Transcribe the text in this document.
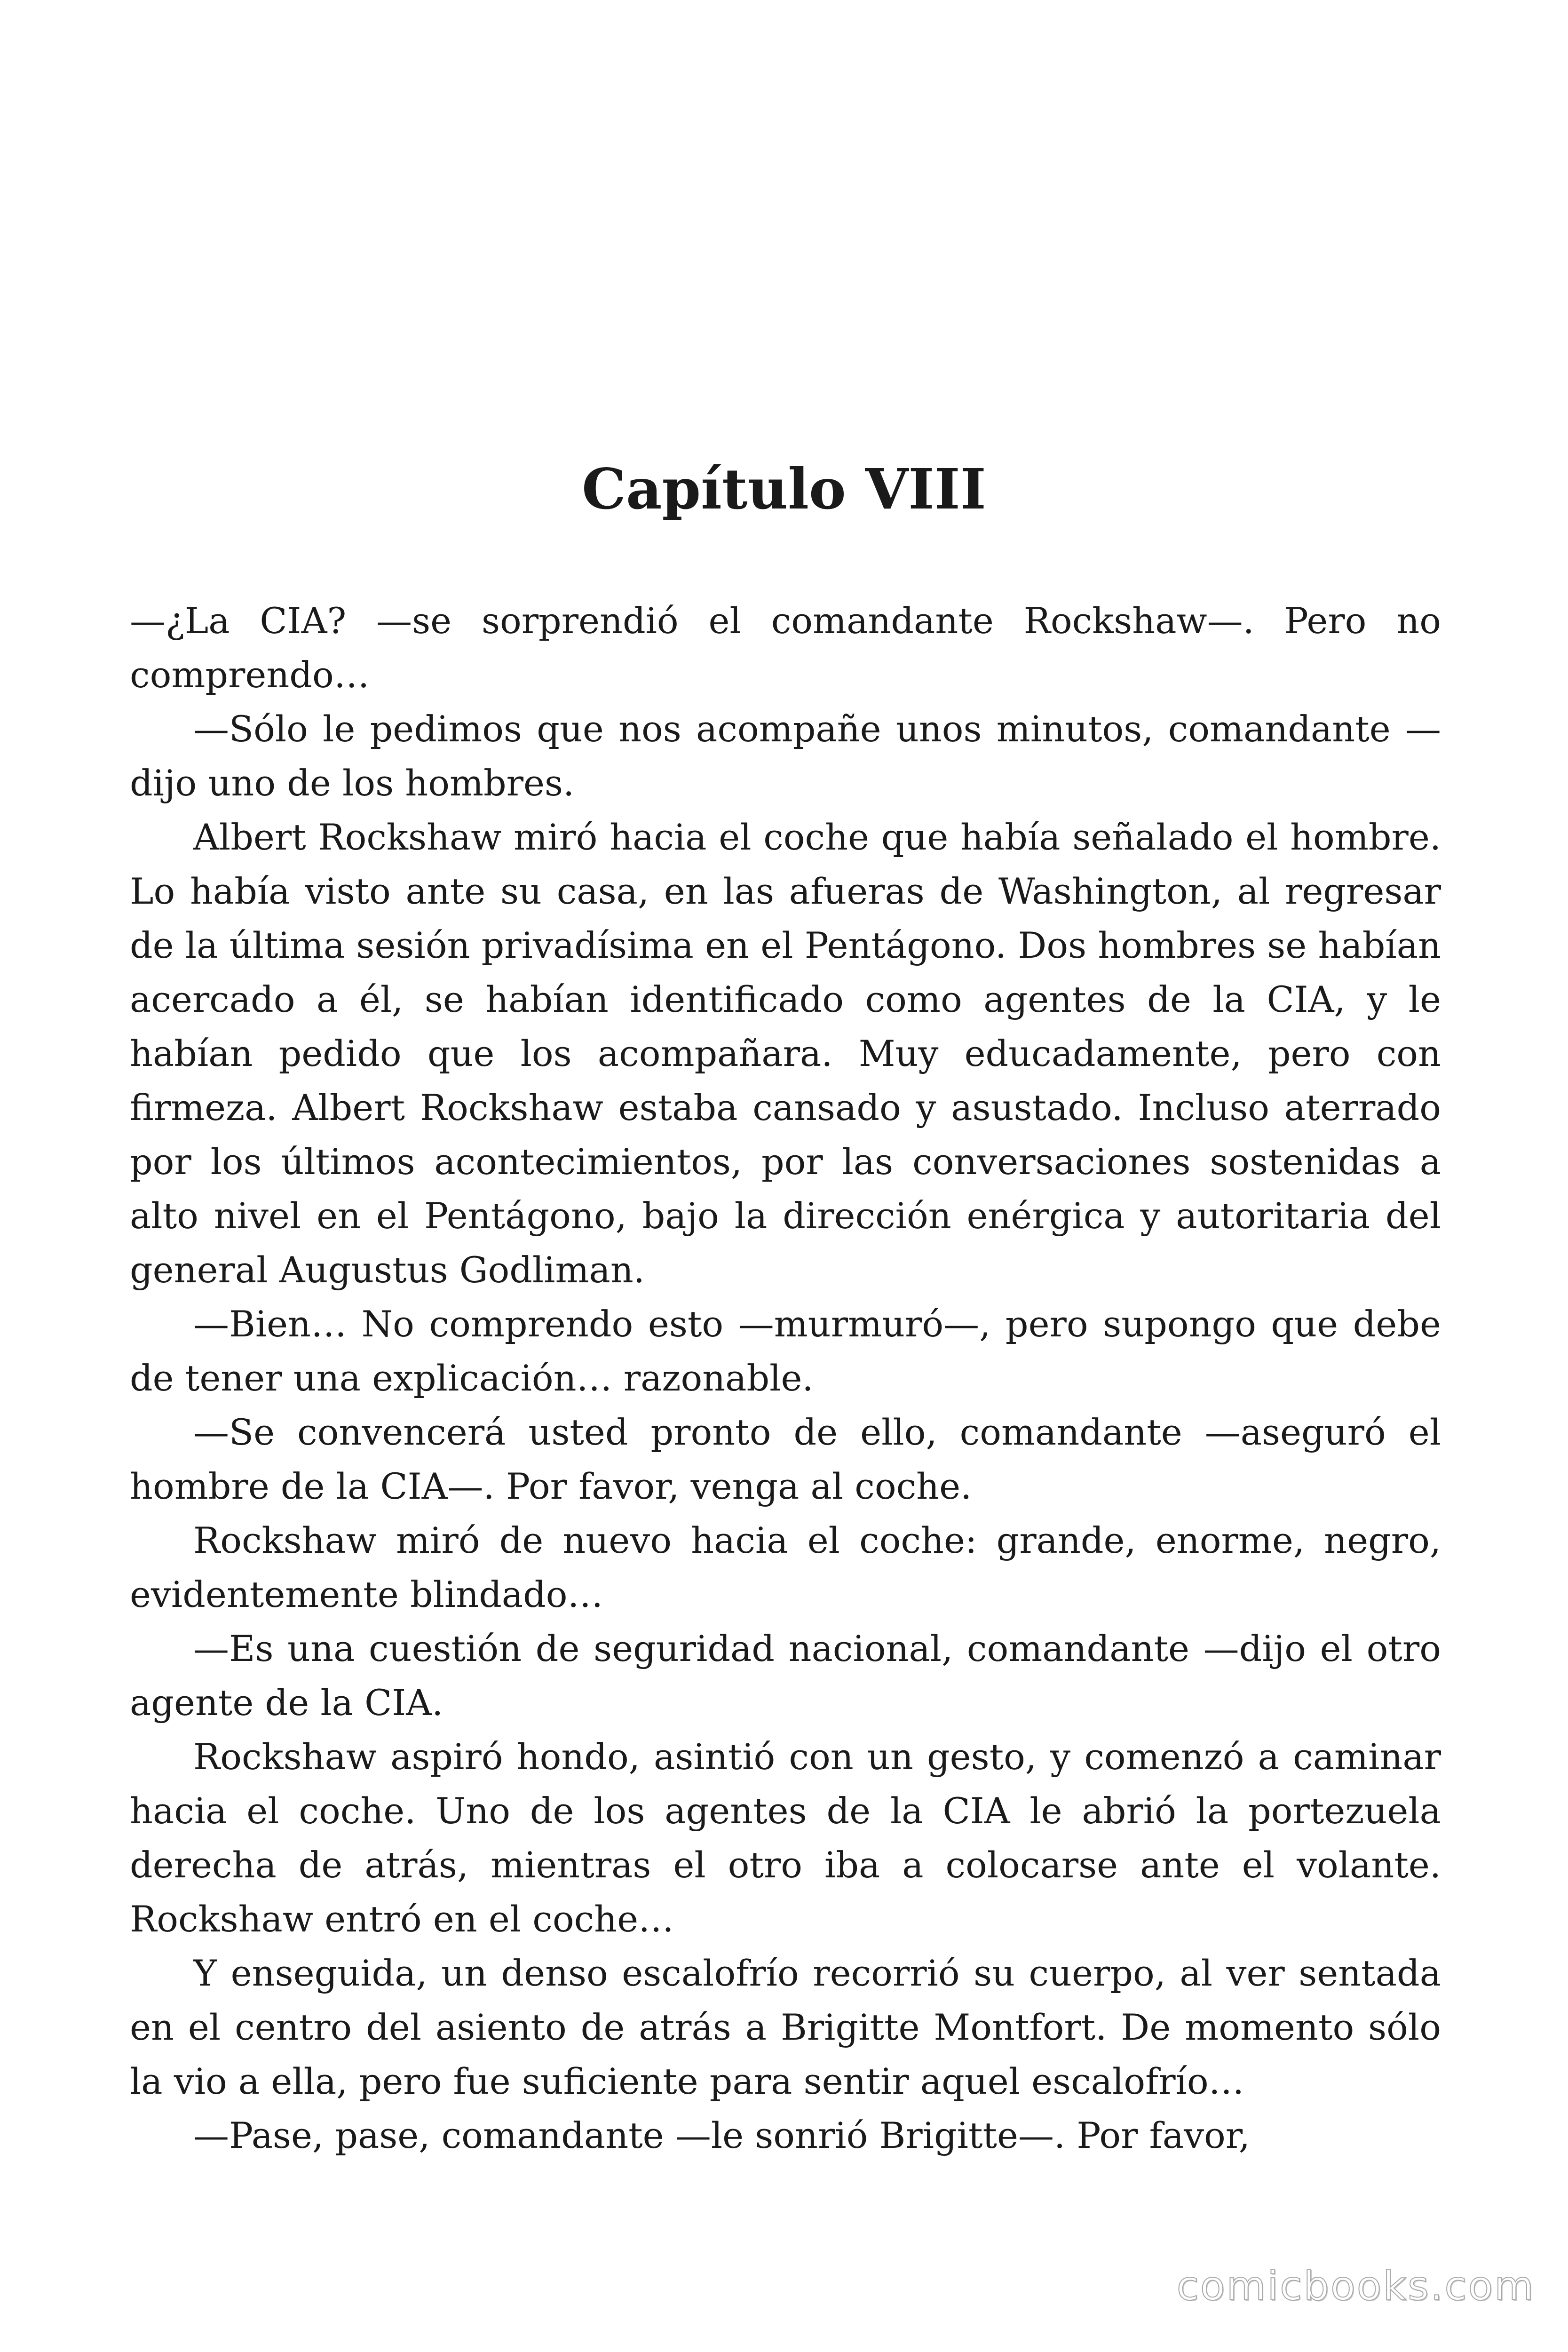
Capítulo VIII

—¿La CIA? —se sorprendió el comandante Rockshaw—. Pero no comprendo…

—Sólo le pedimos que nos acompañe unos minutos, comandante —dijo uno de los hombres.

Albert Rockshaw miró hacia el coche que había señalado el hombre. Lo había visto ante su casa, en las afueras de Washington, al regresar de la última sesión privadísima en el Pentágono. Dos hombres se habían acercado a él, se habían identificado como agentes de la CIA, y le habían pedido que los acompañara. Muy educadamente, pero con firmeza. Albert Rockshaw estaba cansado y asustado. Incluso aterrado por los últimos acontecimientos, por las conversaciones sostenidas a alto nivel en el Pentágono, bajo la dirección enérgica y autoritaria del general Augustus Godliman.

—Bien… No comprendo esto —murmuró—, pero supongo que debe de tener una explicación… razonable.

—Se convencerá usted pronto de ello, comandante —aseguró el hombre de la CIA—. Por favor, venga al coche.

Rockshaw miró de nuevo hacia el coche: grande, enorme, negro, evidentemente blindado…

—Es una cuestión de seguridad nacional, comandante —dijo el otro agente de la CIA.

Rockshaw aspiró hondo, asintió con un gesto, y comenzó a caminar hacia el coche. Uno de los agentes de la CIA le abrió la portezuela derecha de atrás, mientras el otro iba a colocarse ante el volante. Rockshaw entró en el coche…

Y enseguida, un denso escalofrío recorrió su cuerpo, al ver sentada en el centro del asiento de atrás a Brigitte Montfort. De momento sólo la vio a ella, pero fue suficiente para sentir aquel escalofrío…

—Pase, pase, comandante —le sonrió Brigitte—. Por favor,

comicbooks.com
